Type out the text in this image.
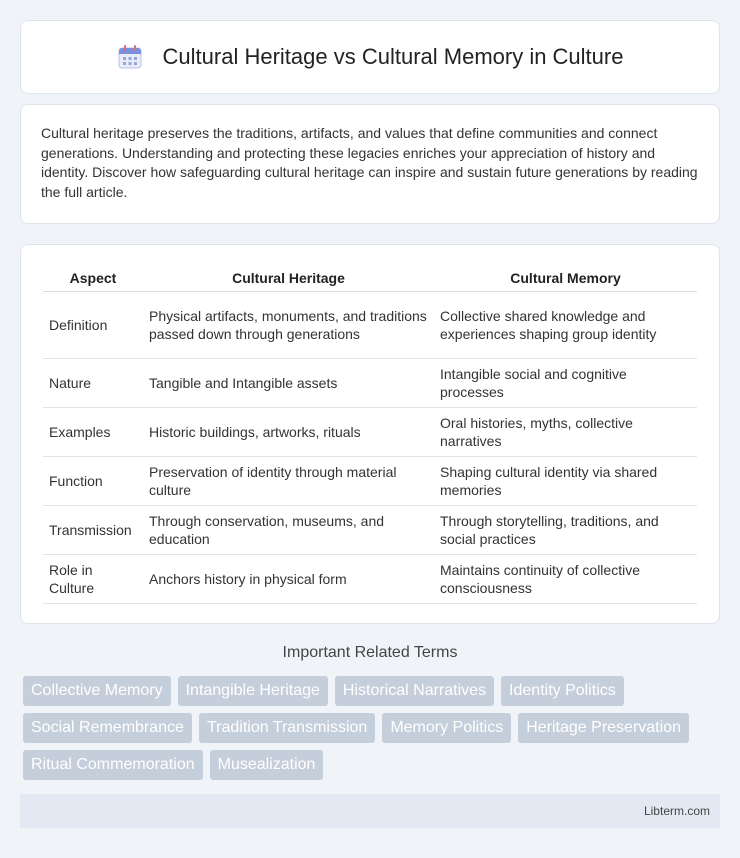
Cultural Heritage vs Cultural Memory in Culture

Cultural heritage preserves the traditions, artifacts, and values that define communities and connect generations. Understanding and protecting these legacies enriches your appreciation of history and identity. Discover how safeguarding cultural heritage can inspire and sustain future generations by reading the full article.

Aspect	Cultural Heritage	Cultural Memory
Definition	Physical artifacts, monuments, and traditions passed down through generations	Collective shared knowledge and experiences shaping group identity
Nature	Tangible and Intangible assets	Intangible social and cognitive processes
Examples	Historic buildings, artworks, rituals	Oral histories, myths, collective narratives
Function	Preservation of identity through material culture	Shaping cultural identity via shared memories
Transmission	Through conservation, museums, and education	Through storytelling, traditions, and social practices
Role in Culture	Anchors history in physical form	Maintains continuity of collective consciousness
Important Related Terms
Collective Memory	Intangible Heritage	Historical Narratives	Identity Politics
Social Remembrance	Tradition Transmission	Memory Politics	Heritage Preservation
Ritual Commemoration	Musealization
Libterm.com
